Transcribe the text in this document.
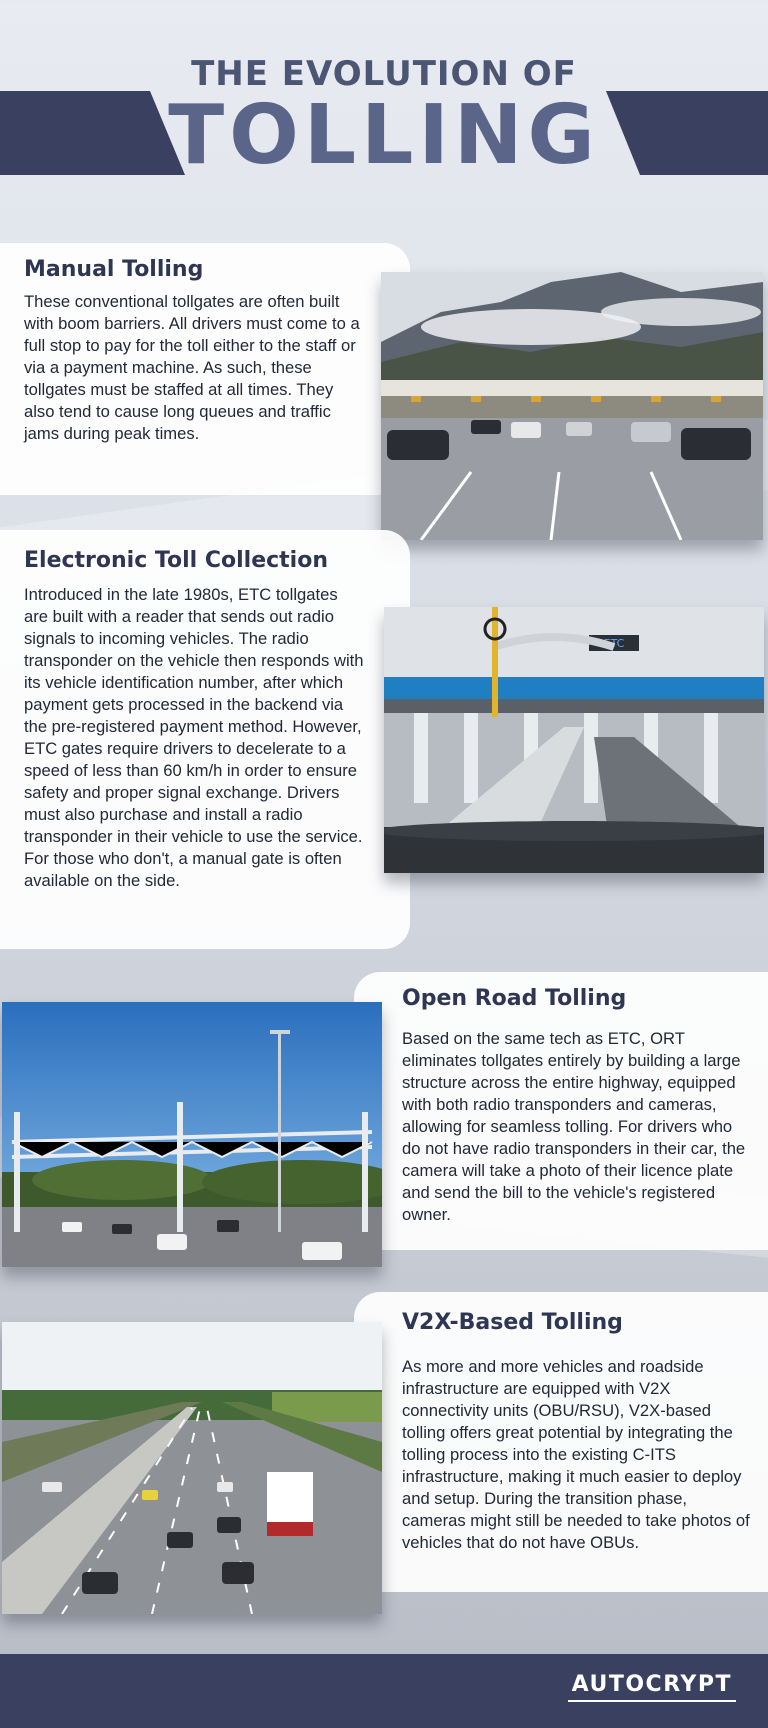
THE EVOLUTION OF
TOLLING
Manual Tolling

These conventional tollgates are often built with boom barriers. All drivers must come to a full stop to pay for the toll either to the staff or via a payment machine. As such, these tollgates must be staffed at all times. They also tend to cause long queues and traffic jams during peak times.

Electronic Toll Collection

Introduced in the late 1980s, ETC tollgates are built with a reader that sends out radio signals to incoming vehicles. The radio transponder on the vehicle then responds with its vehicle identification number, after which payment gets processed in the backend via the pre-registered payment method. However, ETC gates require drivers to decelerate to a speed of less than 60 km/h in order to ensure safety and proper signal exchange. Drivers must also purchase and install a radio transponder in their vehicle to use the service. For those who don't, a manual gate is often available on the side.

ETC
Open Road Tolling

Based on the same tech as ETC, ORT eliminates tollgates entirely by building a large structure across the entire highway, equipped with both radio transponders and cameras, allowing for seamless tolling. For drivers who do not have radio transponders in their car, the camera will take a photo of their licence plate and send the bill to the vehicle's registered owner.

V2X-Based Tolling

As more and more vehicles and roadside infrastructure are equipped with V2X connectivity units (OBU/RSU), V2X-based tolling offers great potential by integrating the tolling process into the existing C-ITS infrastructure, making it much easier to deploy and setup. During the transition phase, cameras might still be needed to take photos of vehicles that do not have OBUs.

AUTOCRYPT
